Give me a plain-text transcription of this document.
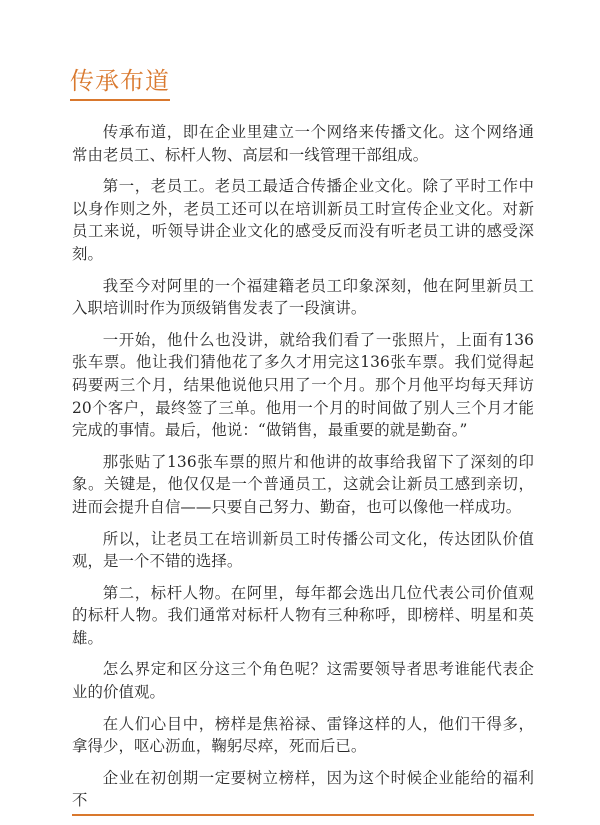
传承布道

传承布道，即在企业里建立一个网络来传播文化。这个网络通常由老员工、标杆人物、高层和一线管理干部组成。

第一，老员工。老员工最适合传播企业文化。除了平时工作中以身作则之外，老员工还可以在培训新员工时宣传企业文化。对新员工来说，听领导讲企业文化的感受反而没有听老员工讲的感受深刻。

我至今对阿里的一个福建籍老员工印象深刻，他在阿里新员工入职培训时作为顶级销售发表了一段演讲。

一开始，他什么也没讲，就给我们看了一张照片，上面有136张车票。他让我们猜他花了多久才用完这136张车票。我们觉得起码要两三个月，结果他说他只用了一个月。那个月他平均每天拜访20个客户，最终签了三单。他用一个月的时间做了别人三个月才能完成的事情。最后，他说：“做销售，最重要的就是勤奋。”

那张贴了136张车票的照片和他讲的故事给我留下了深刻的印象。关键是，他仅仅是一个普通员工，这就会让新员工感到亲切，进而会提升自信——只要自己努力、勤奋，也可以像他一样成功。

所以，让老员工在培训新员工时传播公司文化，传达团队价值观，是一个不错的选择。

第二，标杆人物。在阿里，每年都会选出几位代表公司价值观的标杆人物。我们通常对标杆人物有三种称呼，即榜样、明星和英雄。

怎么界定和区分这三个角色呢？这需要领导者思考谁能代表企业的价值观。

在人们心目中，榜样是焦裕禄、雷锋这样的人，他们干得多，拿得少，呕心沥血，鞠躬尽瘁，死而后已。

企业在初创期一定要树立榜样，因为这个时候企业能给的福利不
